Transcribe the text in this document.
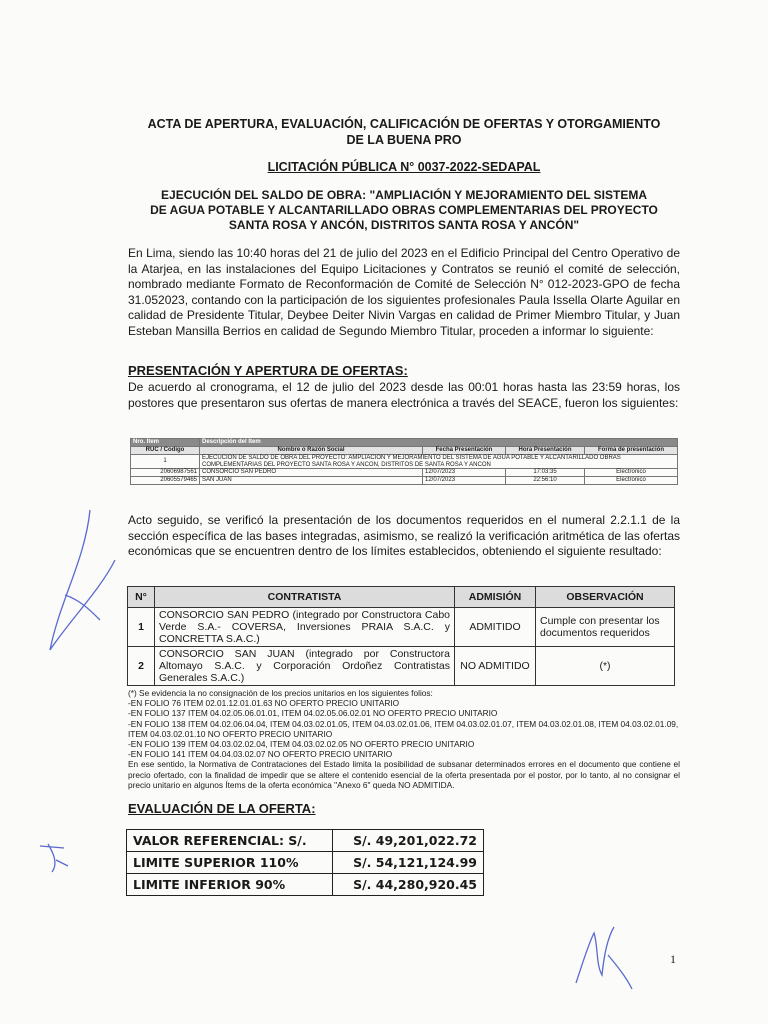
ACTA DE APERTURA, EVALUACIÓN, CALIFICACIÓN DE OFERTAS Y OTORGAMIENTO
DE LA BUENA PRO
LICITACIÓN PÚBLICA N° 0037-2022-SEDAPAL
EJECUCIÓN DEL SALDO DE OBRA: "AMPLIACIÓN Y MEJORAMIENTO DEL SISTEMA
DE AGUA POTABLE Y ALCANTARILLADO OBRAS COMPLEMENTARIAS DEL PROYECTO
SANTA ROSA Y ANCÓN, DISTRITOS SANTA ROSA Y ANCÓN"
En Lima, siendo las 10:40 horas del 21 de julio del 2023 en el Edificio Principal del Centro Operativo de la Atarjea, en las instalaciones del Equipo Licitaciones y Contratos se reunió el comité de selección, nombrado mediante Formato de Reconformación de Comité de Selección N° 012-2023-GPO de fecha 31.052023, contando con la participación de los siguientes profesionales Paula Issella Olarte Aguilar en calidad de Presidente Titular, Deybee Deiter Nivin Vargas en calidad de Primer Miembro Titular, y Juan Esteban Mansilla Berrios en calidad de Segundo Miembro Titular, proceden a informar lo siguiente:
PRESENTACIÓN Y APERTURA DE OFERTAS:
De acuerdo al cronograma, el 12 de julio del 2023 desde las 00:01 horas hasta las 23:59 horas, los postores que presentaron sus ofertas de manera electrónica a través del SEACE, fueron los siguientes:
Nro. Item	Descripción del Item			
RUC / Codigo	Nombre o Razón Social	Fecha Presentación	Hora Presentación	Forma de presentación
1	EJECUCION DE SALDO DE OBRA DEL PROYECTO: AMPLIACION Y MEJORAMIENTO DEL SISTEMA DE AGUA POTABLE Y ALCANTARILLADO OBRAS COMPLEMENTARIAS DEL PROYECTO SANTA ROSA Y ANCON, DISTRITOS DE SANTA ROSA Y ANCON			
20606987561	CONSORCIO SAN PEDRO	12/07/2023	17:03:35	Electronico
20605579465	SAN JUAN	12/07/2023	22:56:10	Electronico
Acto seguido, se verificó la presentación de los documentos requeridos en el numeral 2.2.1.1 de la sección específica de las bases integradas, asimismo, se realizó la verificación aritmética de las ofertas económicas que se encuentren dentro de los límites establecidos, obteniendo el siguiente resultado:
N°	CONTRATISTA	ADMISIÓN	OBSERVACIÓN
1	CONSORCIO SAN PEDRO (integrado por Constructora Cabo Verde S.A.- COVERSA, Inversiones PRAIA S.A.C. y CONCRETTA S.A.C.)	ADMITIDO	Cumple con presentar los documentos requeridos
2	CONSORCIO SAN JUAN (integrado por Constructora Altomayo S.A.C. y Corporación Ordoñez Contratistas Generales S.A.C.)	NO ADMITIDO	(*)
(*) Se evidencia la no consignación de los precios unitarios en los siguientes folios:
-EN FOLIO 76 ITEM 02.01.12.01.01.63 NO OFERTO PRECIO UNITARIO
-EN FOLIO 137 ITEM 04.02.05.06.01.01, ITEM 04.02.05.06.02.01 NO OFERTO PRECIO UNITARIO
-EN FOLIO 138 ITEM 04.02.06.04.04, ITEM 04.03.02.01.05, ITEM 04.03.02.01.06, ITEM 04.03.02.01.07, ITEM 04.03.02.01.08, ITEM 04.03.02.01.09, ITEM 04.03.02.01.10 NO OFERTO PRECIO UNITARIO
-EN FOLIO 139 ITEM 04.03.02.02.04, ITEM 04.03.02.02.05 NO OFERTO PRECIO UNITARIO
-EN FOLIO 141 ITEM 04.04.03.02.07 NO OFERTO PRECIO UNITARIO
En ese sentido, la Normativa de Contrataciones del Estado limita la posibilidad de subsanar determinados errores en el documento que contiene el precio ofertado, con la finalidad de impedir que se altere el contenido esencial de la oferta presentada por el postor, por lo tanto, al no consignar el precio unitario en algunos Ítems de la oferta económica "Anexo 6" queda NO ADMITIDA.
EVALUACIÓN DE LA OFERTA:
VALOR REFERENCIAL: S/.	S/. 49,201,022.72
LIMITE SUPERIOR 110%	S/. 54,121,124.99
LIMITE INFERIOR 90%	S/. 44,280,920.45
1
